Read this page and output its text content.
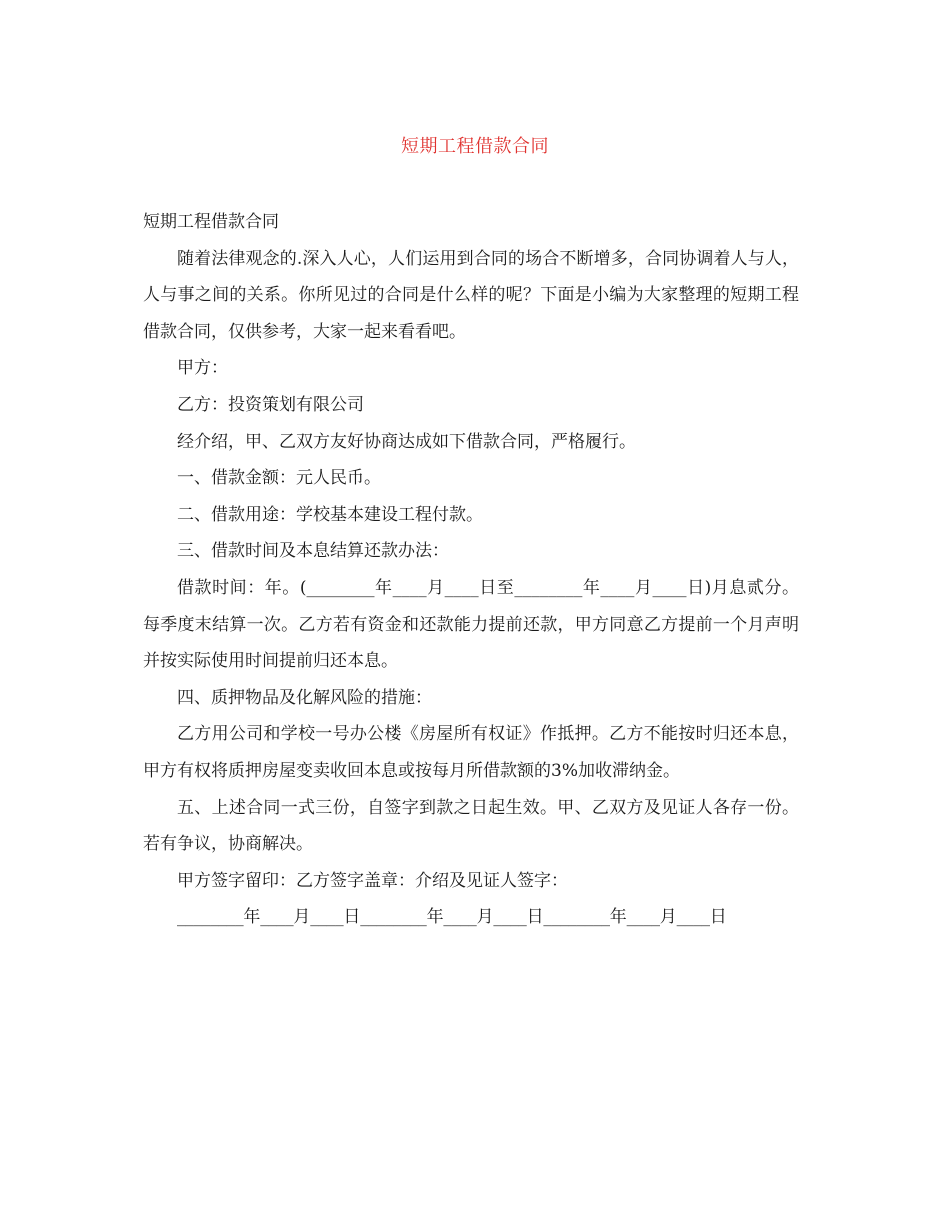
短期工程借款合同

短期工程借款合同

随着法律观念的.深入人心，人们运用到合同的场合不断增多，合同协调着人与人，人与事之间的关系。你所见过的合同是什么样的呢？下面是小编为大家整理的短期工程借款合同，仅供参考，大家一起来看看吧。

甲方：

乙方：投资策划有限公司

经介绍，甲、乙双方友好协商达成如下借款合同，严格履行。

一、借款金额：元人民币。

二、借款用途：学校基本建设工程付款。

三、借款时间及本息结算还款办法：

借款时间：年。(________年____月____日至________年____月____日)月息贰分。每季度末结算一次。乙方若有资金和还款能力提前还款，甲方同意乙方提前一个月声明并按实际使用时间提前归还本息。

四、质押物品及化解风险的措施：

乙方用公司和学校一号办公楼《房屋所有权证》作抵押。乙方不能按时归还本息，甲方有权将质押房屋变卖收回本息或按每月所借款额的3%加收滞纳金。

五、上述合同一式三份，自签字到款之日起生效。甲、乙双方及见证人各存一份。若有争议，协商解决。

甲方签字留印：乙方签字盖章：介绍及见证人签字：

________年____月____日________年____月____日________年____月____日
